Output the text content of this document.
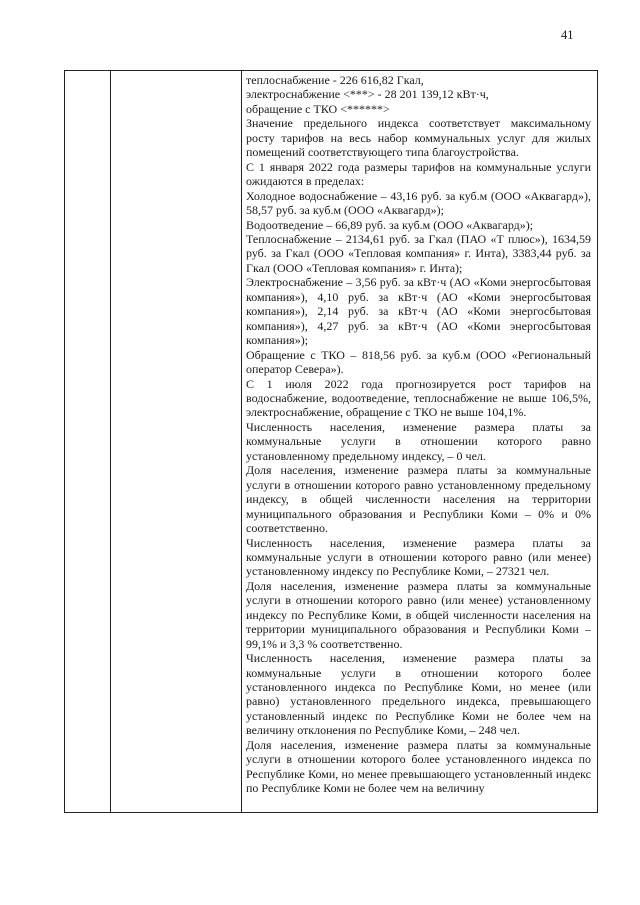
41

теплоснабжение - 226 616,82 Гкал,

электроснабжение <***> - 28 201 139,12 кВт·ч,

обращение с ТКО <******>

Значение предельного индекса соответствует максимальному росту тарифов на весь набор коммунальных услуг для жилых помещений соответствующего типа благоустройства.

С 1 января 2022 года размеры тарифов на коммунальные услуги ожидаются в пределах:

Холодное водоснабжение – 43,16 руб. за куб.м (ООО «Аквагард»), 58,57 руб. за куб.м (ООО «Аквагард»);

Водоотведение – 66,89 руб. за куб.м (ООО «Аквагард»);

Теплоснабжение – 2134,61 руб. за Гкал (ПАО «Т плюс»), 1634,59 руб. за Гкал (ООО «Тепловая компания» г. Инта), 3383,44 руб. за Гкал (ООО «Тепловая компания» г. Инта);

Электроснабжение – 3,56 руб. за кВт·ч (АО «Коми энергосбытовая компания»), 4,10 руб. за кВт·ч (АО «Коми энергосбытовая компания»), 2,14 руб. за кВт·ч (АО «Коми энергосбытовая компания»), 4,27 руб. за кВт·ч (АО «Коми энергосбытовая компания»);

Обращение с ТКО – 818,56 руб. за куб.м (ООО «Региональный оператор Севера»).

С 1 июля 2022 года прогнозируется рост тарифов на водоснабжение, водоотведение, теплоснабжение не выше 106,5%, электроснабжение, обращение с ТКО не выше 104,1%.

Численность населения, изменение размера платы за коммунальные услуги в отношении которого равно установленному предельному индексу, – 0 чел.

Доля населения, изменение размера платы за коммунальные услуги в отношении которого равно установленному предельному индексу, в общей численности населения на территории муниципального образования и Республики Коми – 0% и 0% соответственно.

Численность населения, изменение размера платы за коммунальные услуги в отношении которого равно (или менее) установленному индексу по Республике Коми, – 27321 чел.

Доля населения, изменение размера платы за коммунальные услуги в отношении которого равно (или менее) установленному индексу по Республике Коми, в общей численности населения на территории муниципального образования и Республики Коми – 99,1% и 3,3 % соответственно.

Численность населения, изменение размера платы за коммунальные услуги в отношении которого более установленного индекса по Республике Коми, но менее (или равно) установленного предельного индекса, превышающего установленный индекс по Республике Коми не более чем на величину отклонения по Республике Коми, – 248 чел.

Доля населения, изменение размера платы за коммунальные услуги в отношении которого более установленного индекса по Республике Коми, но менее превышающего установленный индекс по Республике Коми не более чем на величину
